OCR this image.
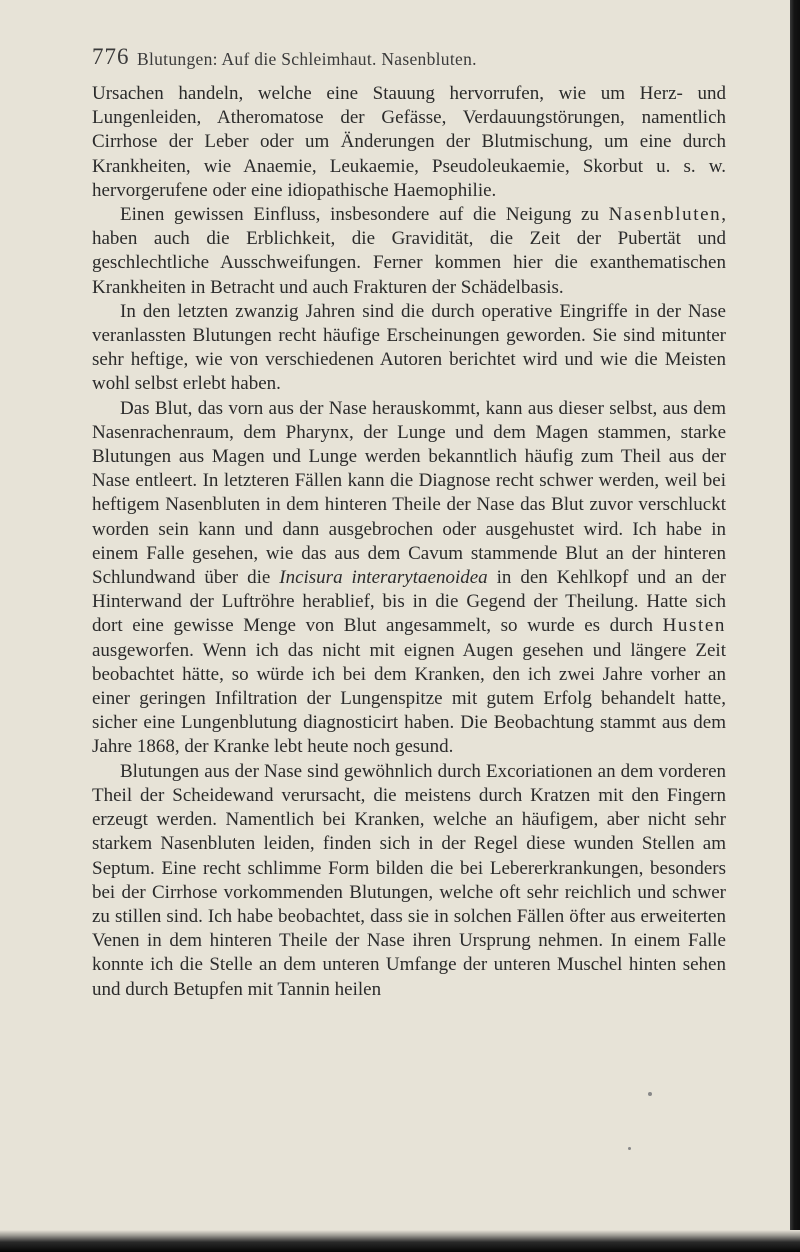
776 Blutungen: Auf die Schleimhaut. Nasenbluten.

Ursachen handeln, welche eine Stauung hervorrufen, wie um Herz- und Lungenleiden, Atheromatose der Gefässe, Verdauungstörungen, namentlich Cirrhose der Leber oder um Änderungen der Blutmischung, um eine durch Krankheiten, wie Anaemie, Leukaemie, Pseudoleukaemie, Skorbut u. s. w. hervorgerufene oder eine idiopathische Haemophilie.

Einen gewissen Einfluss, insbesondere auf die Neigung zu Nasenbluten, haben auch die Erblichkeit, die Gravidität, die Zeit der Pubertät und geschlechtliche Ausschweifungen. Ferner kommen hier die exanthematischen Krankheiten in Betracht und auch Frakturen der Schädelbasis.

In den letzten zwanzig Jahren sind die durch operative Eingriffe in der Nase veranlassten Blutungen recht häufige Erscheinungen geworden. Sie sind mitunter sehr heftige, wie von verschiedenen Autoren berichtet wird und wie die Meisten wohl selbst erlebt haben.

Das Blut, das vorn aus der Nase herauskommt, kann aus dieser selbst, aus dem Nasenrachenraum, dem Pharynx, der Lunge und dem Magen stammen, starke Blutungen aus Magen und Lunge werden bekanntlich häufig zum Theil aus der Nase entleert. In letzteren Fällen kann die Diagnose recht schwer werden, weil bei heftigem Nasenbluten in dem hinteren Theile der Nase das Blut zuvor verschluckt worden sein kann und dann ausgebrochen oder ausgehustet wird. Ich habe in einem Falle gesehen, wie das aus dem Cavum stammende Blut an der hinteren Schlundwand über die Incisura interarytaenoidea in den Kehlkopf und an der Hinterwand der Luftröhre herablief, bis in die Gegend der Theilung. Hatte sich dort eine gewisse Menge von Blut angesammelt, so wurde es durch Husten ausgeworfen. Wenn ich das nicht mit eignen Augen gesehen und längere Zeit beobachtet hätte, so würde ich bei dem Kranken, den ich zwei Jahre vorher an einer geringen Infiltration der Lungenspitze mit gutem Erfolg behandelt hatte, sicher eine Lungenblutung diagnosticirt haben. Die Beobachtung stammt aus dem Jahre 1868, der Kranke lebt heute noch gesund.

Blutungen aus der Nase sind gewöhnlich durch Excoriationen an dem vorderen Theil der Scheidewand verursacht, die meistens durch Kratzen mit den Fingern erzeugt werden. Namentlich bei Kranken, welche an häufigem, aber nicht sehr starkem Nasenbluten leiden, finden sich in der Regel diese wunden Stellen am Septum. Eine recht schlimme Form bilden die bei Lebererkrankungen, besonders bei der Cirrhose vorkommenden Blutungen, welche oft sehr reichlich und schwer zu stillen sind. Ich habe beobachtet, dass sie in solchen Fällen öfter aus erweiterten Venen in dem hinteren Theile der Nase ihren Ursprung nehmen. In einem Falle konnte ich die Stelle an dem unteren Umfange der unteren Muschel hinten sehen und durch Betupfen mit Tannin heilen
